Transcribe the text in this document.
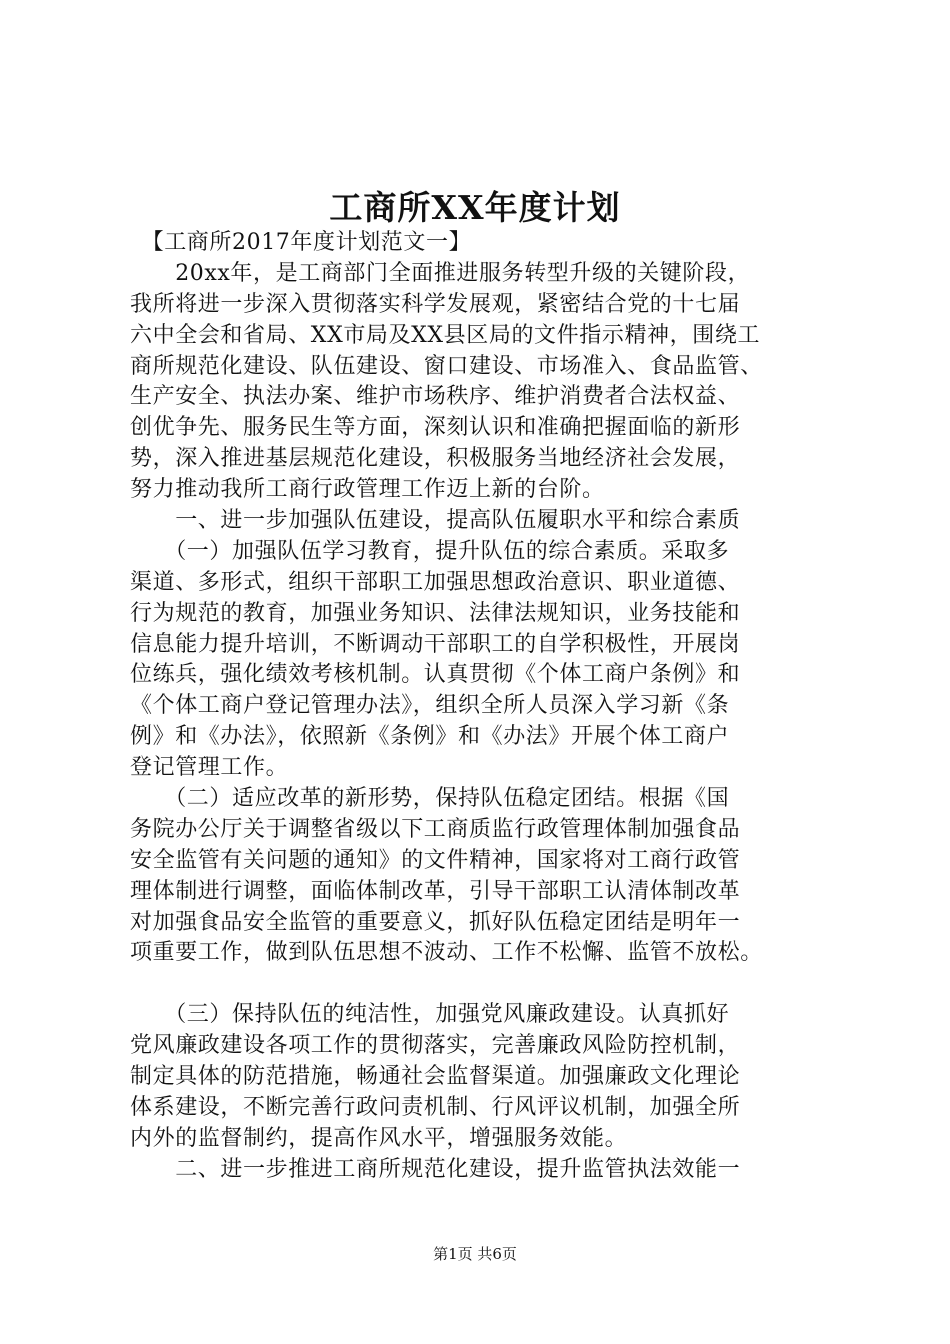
工商所XX年度计划
　【工商所2017年度计划范文一】
　　20xx年，是工商部门全面推进服务转型升级的关键阶段，
我所将进一步深入贯彻落实科学发展观，紧密结合党的十七届
六中全会和省局、XX市局及XX县区局的文件指示精神，围绕工
商所规范化建设、队伍建设、窗口建设、市场准入、食品监管、
生产安全、执法办案、维护市场秩序、维护消费者合法权益、
创优争先、服务民生等方面，深刻认识和准确把握面临的新形
势，深入推进基层规范化建设，积极服务当地经济社会发展，
努力推动我所工商行政管理工作迈上新的台阶。
　　一、进一步加强队伍建设，提高队伍履职水平和综合素质
　　（一）加强队伍学习教育，提升队伍的综合素质。采取多
渠道、多形式，组织干部职工加强思想政治意识、职业道德、
行为规范的教育，加强业务知识、法律法规知识，业务技能和
信息能力提升培训，不断调动干部职工的自学积极性，开展岗
位练兵，强化绩效考核机制。认真贯彻《个体工商户条例》和
《个体工商户登记管理办法》，组织全所人员深入学习新《条
例》和《办法》，依照新《条例》和《办法》开展个体工商户
登记管理工作。
　　（二）适应改革的新形势，保持队伍稳定团结。根据《国
务院办公厅关于调整省级以下工商质监行政管理体制加强食品
安全监管有关问题的通知》的文件精神，国家将对工商行政管
理体制进行调整，面临体制改革，引导干部职工认清体制改革
对加强食品安全监管的重要意义，抓好队伍稳定团结是明年一
项重要工作，做到队伍思想不波动、工作不松懈、监管不放松。
　　（三）保持队伍的纯洁性，加强党风廉政建设。认真抓好
党风廉政建设各项工作的贯彻落实，完善廉政风险防控机制，
制定具体的防范措施，畅通社会监督渠道。加强廉政文化理论
体系建设，不断完善行政问责机制、行风评议机制，加强全所
内外的监督制约，提高作风水平，增强服务效能。
　　二、进一步推进工商所规范化建设，提升监管执法效能一
第1页 共6页
